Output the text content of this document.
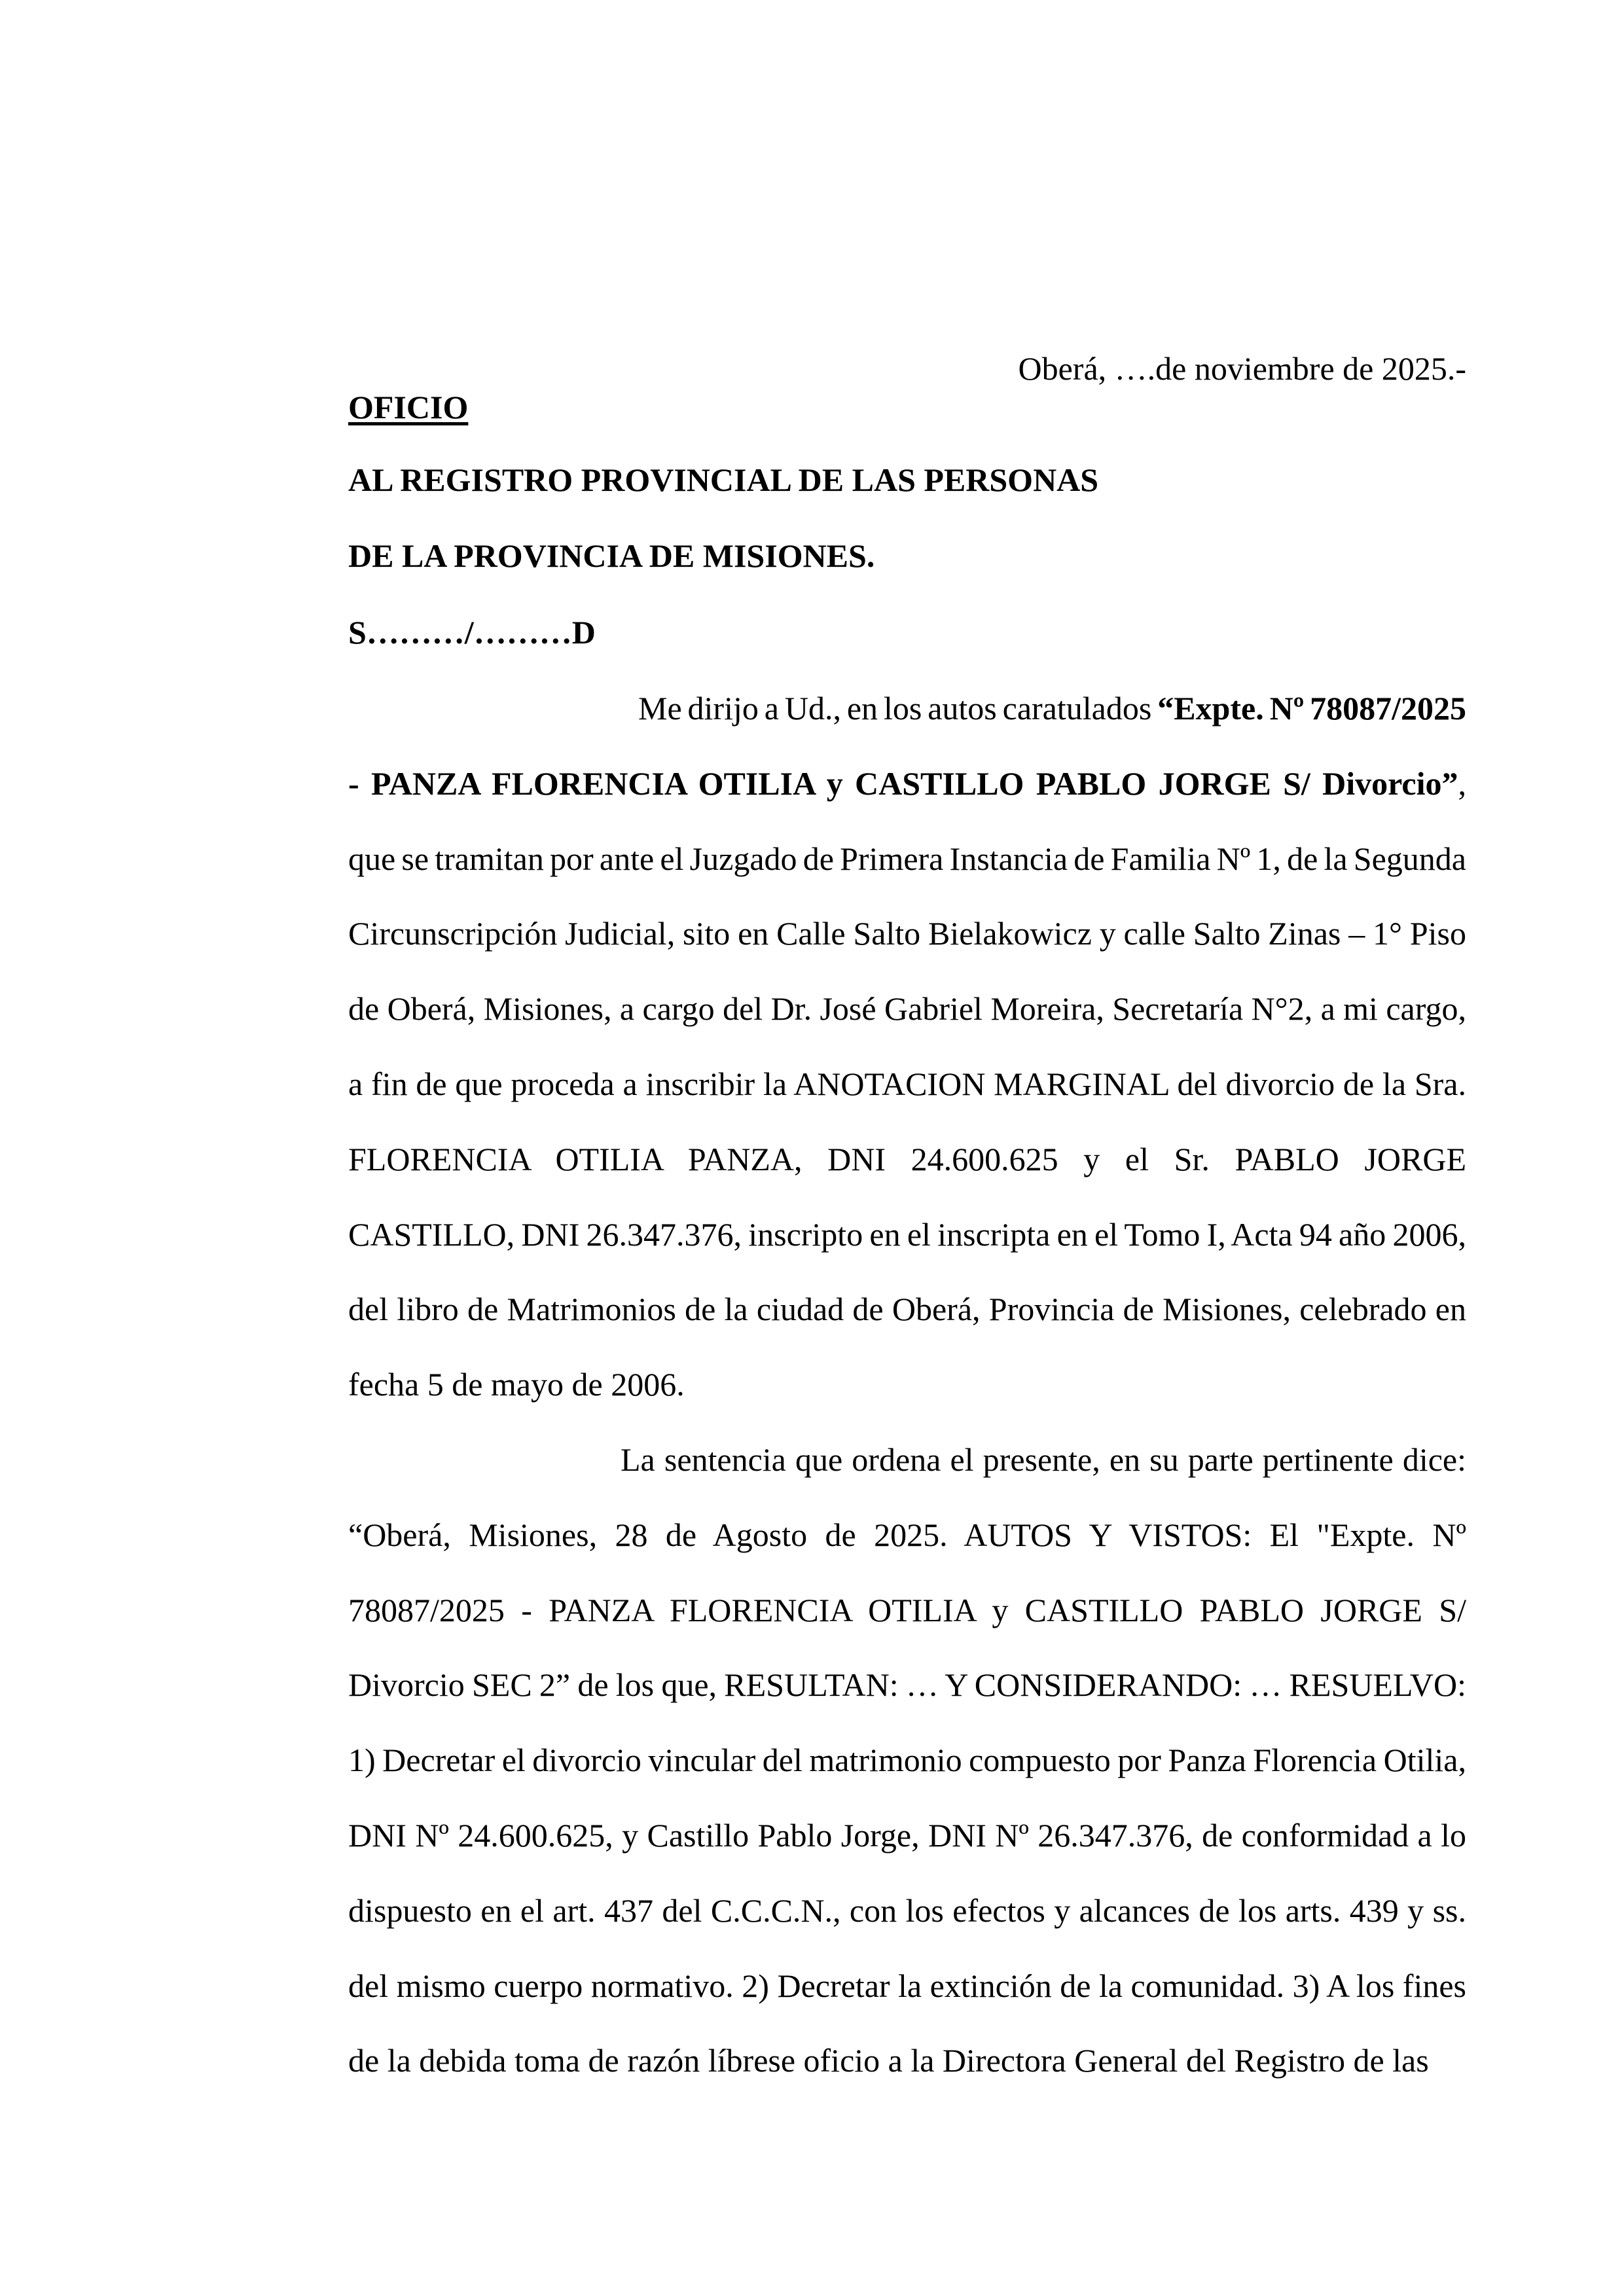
Oberá, ….de noviembre de 2025.-
OFICIO
AL REGISTRO PROVINCIAL DE LAS PERSONAS
DE LA PROVINCIA DE MISIONES.
S………/………D
Me dirijo a Ud., en los autos caratulados “Expte. Nº 78087/2025
- PANZA FLORENCIA OTILIA y CASTILLO PABLO JORGE S/ Divorcio”,
que se tramitan por ante el Juzgado de Primera Instancia de Familia Nº 1, de la Segunda
Circunscripción Judicial, sito en Calle Salto Bielakowicz y calle Salto Zinas – 1° Piso
de Oberá, Misiones, a cargo del Dr. José Gabriel Moreira, Secretaría N°2, a mi cargo,
a fin de que proceda a inscribir la ANOTACION MARGINAL del divorcio de la Sra.
FLORENCIA OTILIA PANZA, DNI 24.600.625 y el Sr. PABLO JORGE
CASTILLO, DNI 26.347.376, inscripto en el inscripta en el Tomo I, Acta 94 año 2006,
del libro de Matrimonios de la ciudad de Oberá, Provincia de Misiones, celebrado en
fecha 5 de mayo de 2006.
La sentencia que ordena el presente, en su parte pertinente dice:
“Oberá, Misiones, 28 de Agosto de 2025. AUTOS Y VISTOS: El "Expte. Nº
78087/2025 - PANZA FLORENCIA OTILIA y CASTILLO PABLO JORGE S/
Divorcio SEC 2” de los que, RESULTAN: … Y CONSIDERANDO: … RESUELVO:
1) Decretar el divorcio vincular del matrimonio compuesto por Panza Florencia Otilia,
DNI Nº 24.600.625, y Castillo Pablo Jorge, DNI Nº 26.347.376, de conformidad a lo
dispuesto en el art. 437 del C.C.C.N., con los efectos y alcances de los arts. 439 y ss.
del mismo cuerpo normativo. 2) Decretar la extinción de la comunidad. 3) A los fines
de la debida toma de razón líbrese oficio a la Directora General del Registro de las
